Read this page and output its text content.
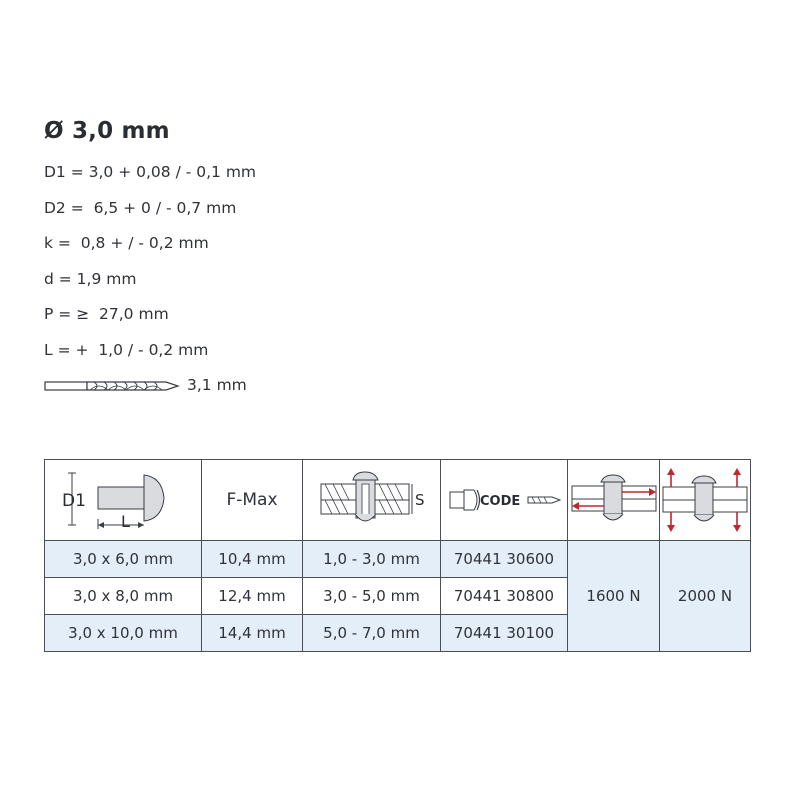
Ø 3,0 mm
D1 = 3,0 + 0,08 / - 0,1 mm
D2 =  6,5 + 0 / - 0,7 mm
k =  0,8 + / - 0,2 mm
d = 1,9 mm
P = ≥  27,0 mm
L = +  1,0 / - 0,2 mm
3,1 mm
D1
L	F-Max	S	CODE

3,0 x 6,0 mm	10,4 mm	1,0 - 3,0 mm	70441 30600	1600 N	2000 N
3,0 x 8,0 mm	12,4 mm	3,0 - 5,0 mm	70441 30800		
3,0 x 10,0 mm	14,4 mm	5,0 - 7,0 mm	70441 30100		
